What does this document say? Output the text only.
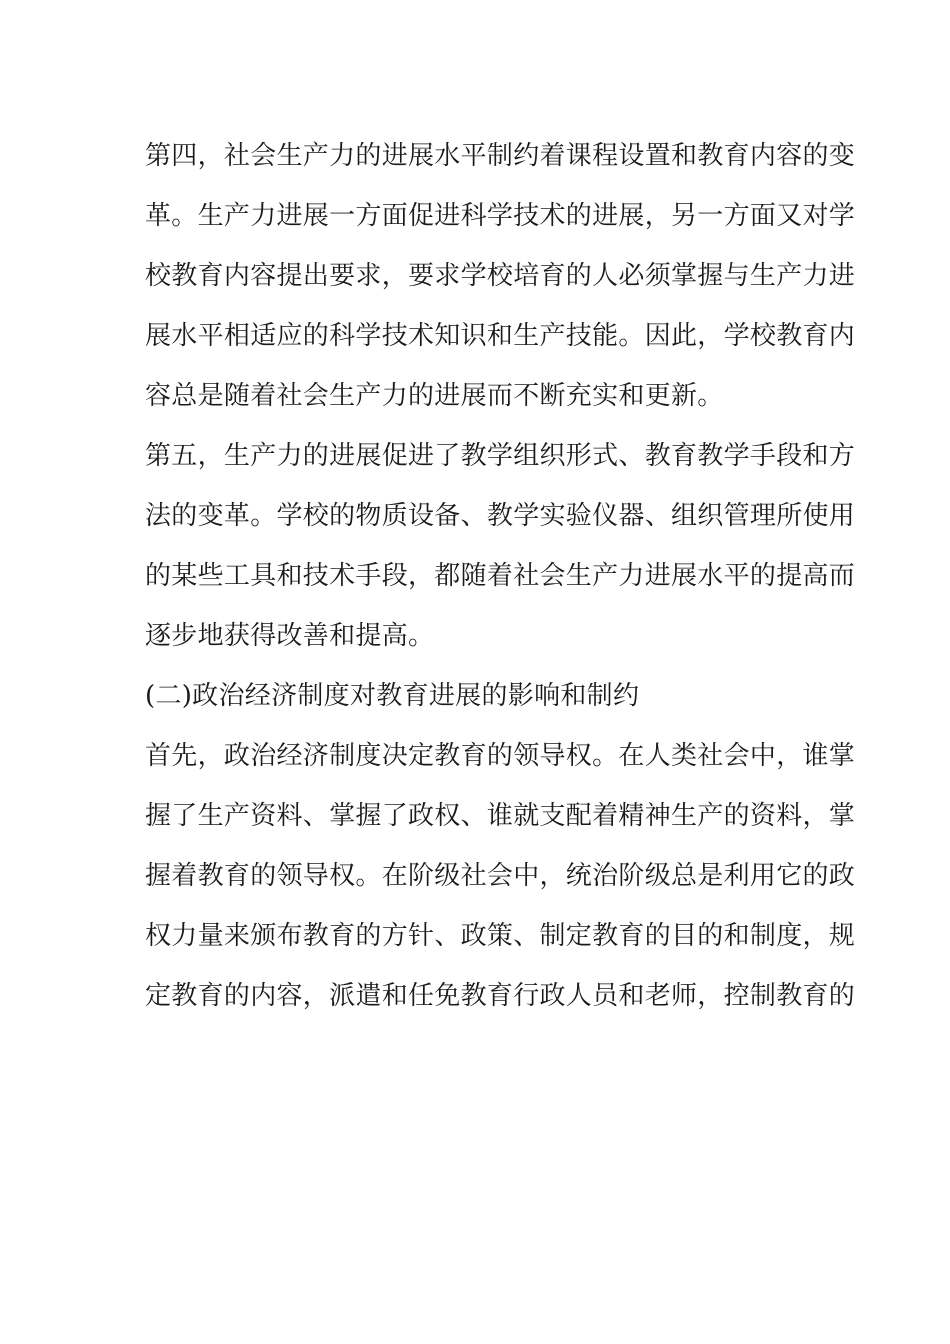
第四，社会生产力的进展水平制约着课程设置和教育内容的变
革。生产力进展一方面促进科学技术的进展，另一方面又对学
校教育内容提出要求，要求学校培育的人必须掌握与生产力进
展水平相适应的科学技术知识和生产技能。因此，学校教育内
容总是随着社会生产力的进展而不断充实和更新。
第五，生产力的进展促进了教学组织形式、教育教学手段和方
法的变革。学校的物质设备、教学实验仪器、组织管理所使用
的某些工具和技术手段，都随着社会生产力进展水平的提高而
逐步地获得改善和提高。
(二)政治经济制度对教育进展的影响和制约
首先，政治经济制度决定教育的领导权。在人类社会中，谁掌
握了生产资料、掌握了政权、谁就支配着精神生产的资料，掌
握着教育的领导权。在阶级社会中，统治阶级总是利用它的政
权力量来颁布教育的方针、政策、制定教育的目的和制度，规
定教育的内容，派遣和任免教育行政人员和老师，控制教育的
